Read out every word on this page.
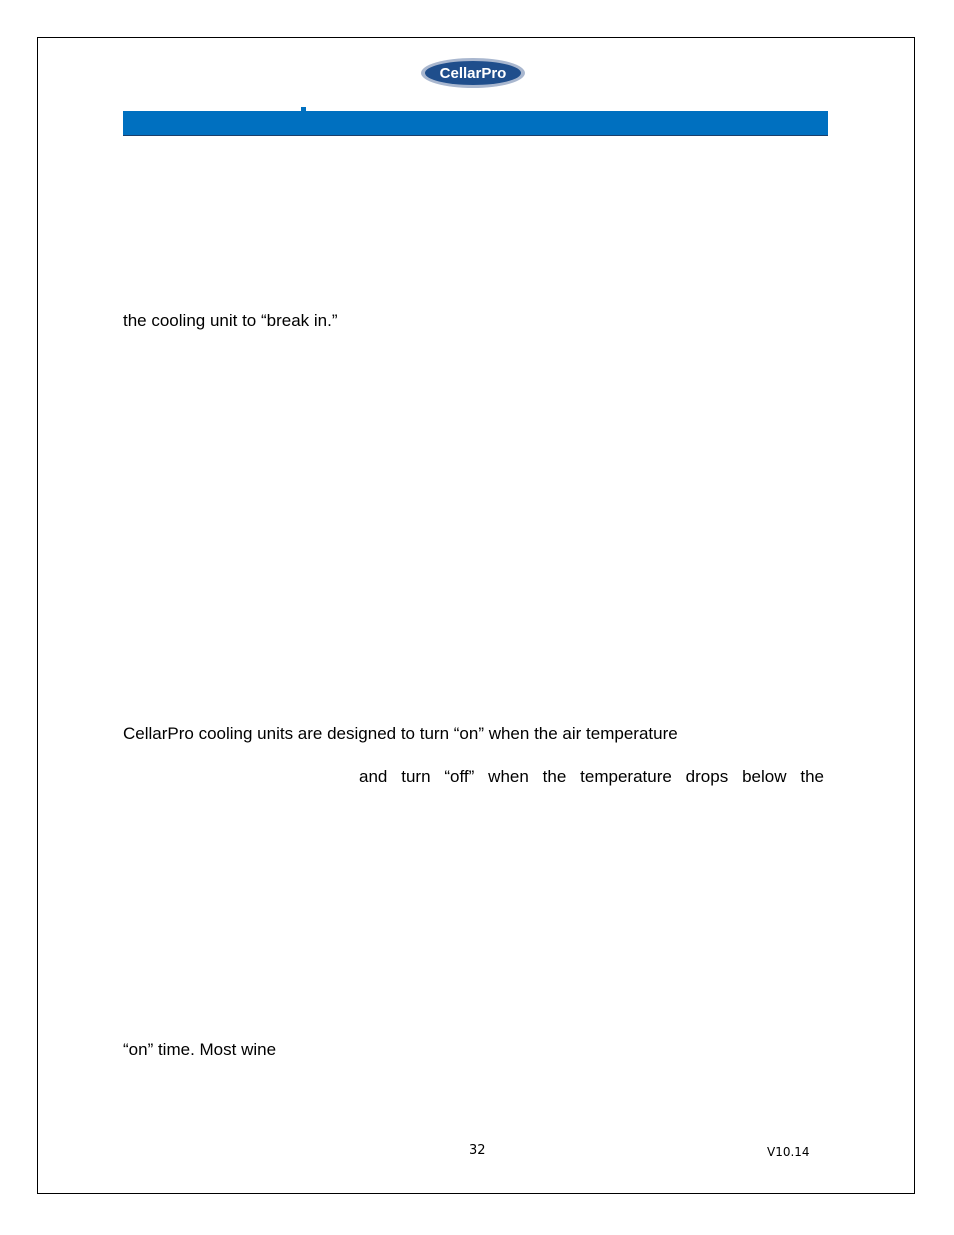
CellarPro
the cooling unit to “break in.”
CellarPro cooling units are designed to turn “on” when the air temperature
and turn “off” when the temperature drops below the
“on” time. Most wine
32	V10.14
